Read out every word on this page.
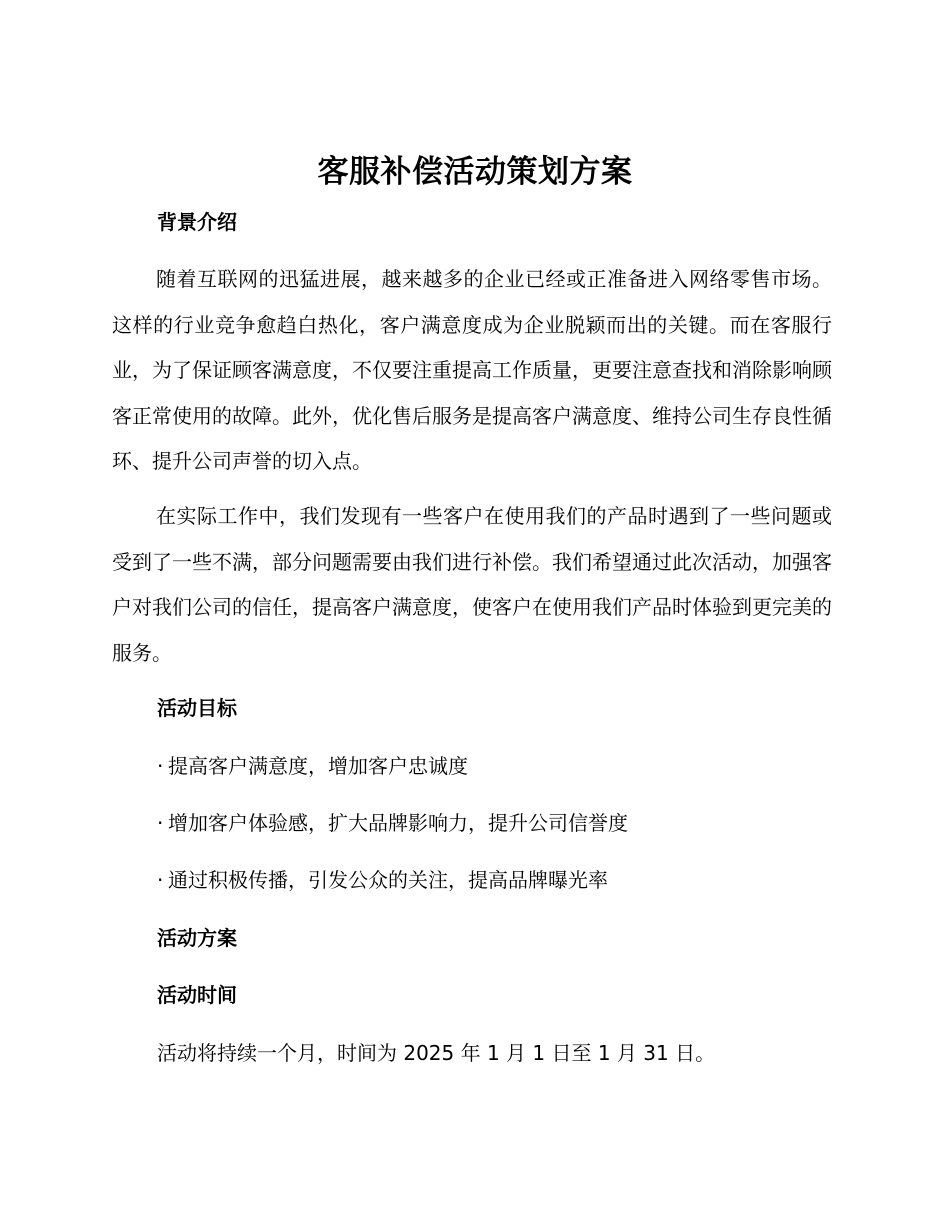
客服补偿活动策划方案
背景介绍

随着互联网的迅猛进展，越来越多的企业已经或正准备进入网络零售市场。这样的行业竞争愈趋白热化，客户满意度成为企业脱颖而出的关键。而在客服行业，为了保证顾客满意度，不仅要注重提高工作质量，更要注意查找和消除影响顾客正常使用的故障。此外，优化售后服务是提高客户满意度、维持公司生存良性循环、提升公司声誉的切入点。

在实际工作中，我们发现有一些客户在使用我们的产品时遇到了一些问题或受到了一些不满，部分问题需要由我们进行补偿。我们希望通过此次活动，加强客户对我们公司的信任，提高客户满意度，使客户在使用我们产品时体验到更完美的服务。

活动目标

· 提高客户满意度，增加客户忠诚度

· 增加客户体验感，扩大品牌影响力，提升公司信誉度

· 通过积极传播，引发公众的关注，提高品牌曝光率

活动方案
活动时间

活动将持续一个月，时间为 2025 年 1 月 1 日至 1 月 31 日。
